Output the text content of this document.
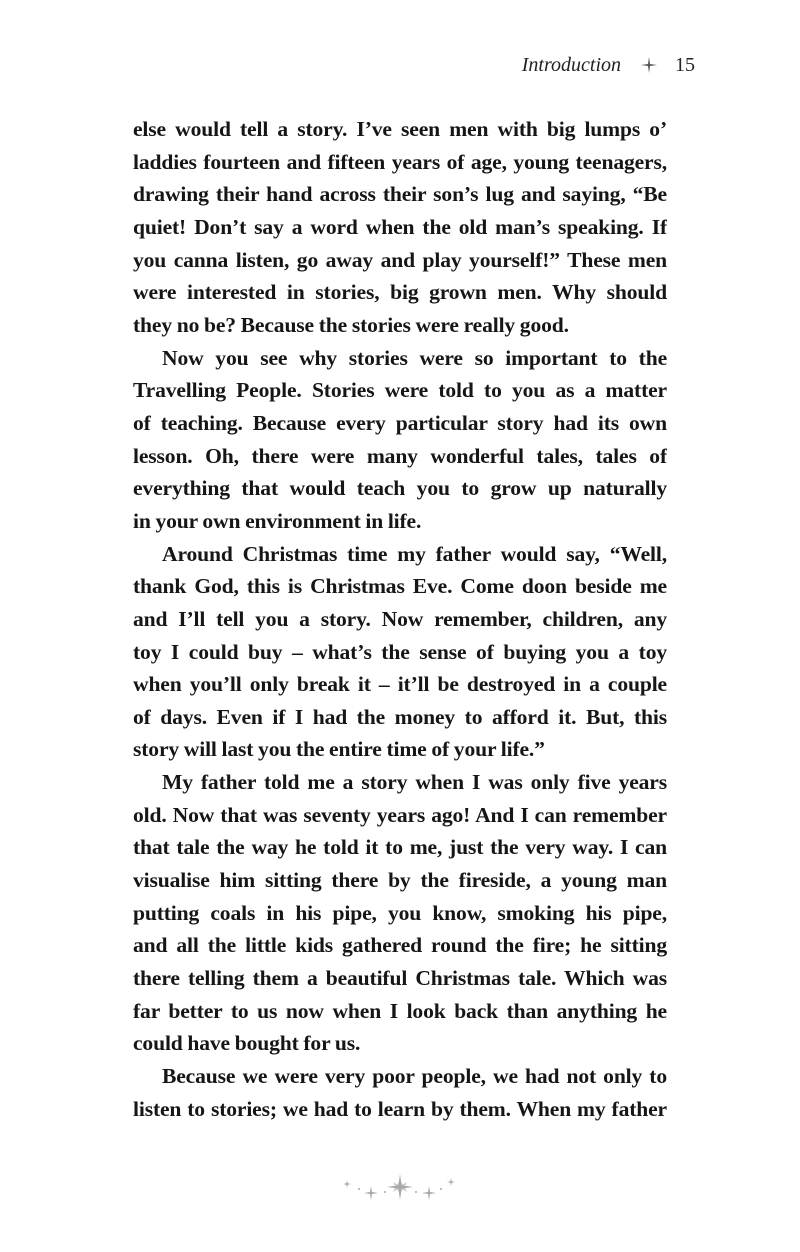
Introduction	15
else would tell a story. I’ve seen men with big lumps o’
laddies fourteen and fifteen years of age, young teenagers,
drawing their hand across their son’s lug and saying, “Be
quiet! Don’t say a word when the old man’s speaking. If
you canna listen, go away and play yourself!” These men
were interested in stories, big grown men. Why should
they no be? Because the stories were really good.
Now you see why stories were so important to the
Travelling People. Stories were told to you as a matter
of teaching. Because every particular story had its own
lesson. Oh, there were many wonderful tales, tales of
everything that would teach you to grow up naturally
in your own environment in life.
Around Christmas time my father would say, “Well,
thank God, this is Christmas Eve. Come doon beside me
and I’ll tell you a story. Now remember, children, any
toy I could buy – what’s the sense of buying you a toy
when you’ll only break it – it’ll be destroyed in a couple
of days. Even if I had the money to afford it. But, this
story will last you the entire time of your life.”
My father told me a story when I was only five years
old. Now that was seventy years ago! And I can remember
that tale the way he told it to me, just the very way. I can
visualise him sitting there by the fireside, a young man
putting coals in his pipe, you know, smoking his pipe,
and all the little kids gathered round the fire; he sitting
there telling them a beautiful Christmas tale. Which was
far better to us now when I look back than anything he
could have bought for us.
Because we were very poor people, we had not only to
listen to stories; we had to learn by them. When my father
